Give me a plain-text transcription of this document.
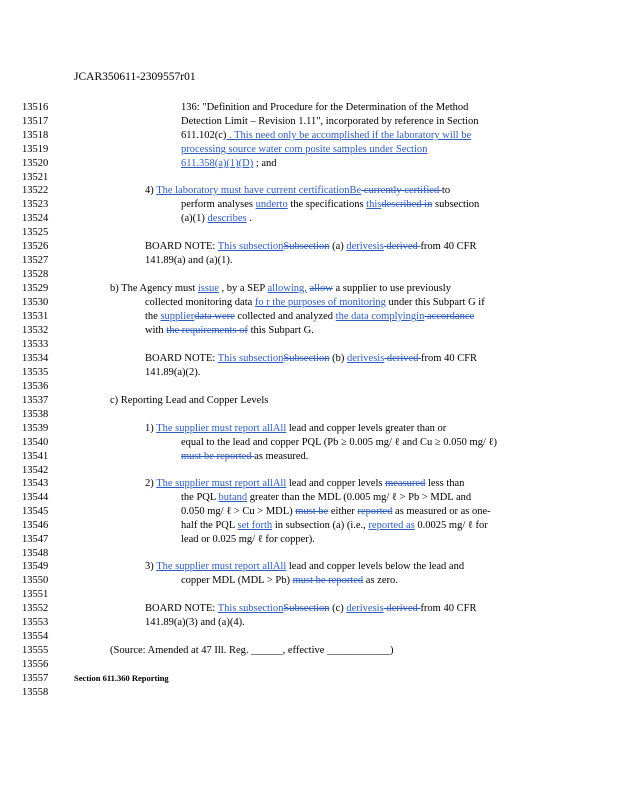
JCAR350611-2309557r01
13516	136: "Definition and Procedure for the Determination of the Method
13517	Detection Limit – Revision 1.11", incorporated by reference in Section
13518	611.102(c) . This need only be accomplished if the laboratory will be
13519	processing source water com posite samples under Section
13520	611.358(a)(1)(D) ; and
13521
13522	4) The laboratory must have current certificationBe currently certified to
13523	perform analyses underto the specifications thisdescribed in subsection
13524	(a)(1) describes .
13525
13526	BOARD NOTE: This subsectionSubsection (a) derivesis derived from 40 CFR
13527	141.89(a) and (a)(1).
13528
13529	b) The Agency must issue , by a SEP allowing, allow a supplier to use previously
13530	collected monitoring data fo r the purposes of monitoring under this Subpart G if
13531	the supplierdata were collected and analyzed the data complyingin accordance
13532	with the requirements of this Subpart G.
13533
13534	BOARD NOTE: This subsectionSubsection (b) derivesis derived from 40 CFR
13535	141.89(a)(2).
13536
13537	c) Reporting Lead and Copper Levels
13538
13539	1) The supplier must report allAll lead and copper levels greater than or
13540	equal to the lead and copper PQL (Pb ≥ 0.005 mg/ ℓ and Cu ≥ 0.050 mg/ ℓ)
13541	must be reported as measured.
13542
13543	2) The supplier must report allAll lead and copper levels measured less than
13544	the PQL butand greater than the MDL (0.005 mg/ ℓ > Pb > MDL and
13545	0.050 mg/ ℓ > Cu > MDL) must be either reported as measured or as one-
13546	half the PQL set forth in subsection (a) (i.e., reported as 0.0025 mg/ ℓ for
13547	lead or 0.025 mg/ ℓ for copper).
13548
13549	3) The supplier must report allAll lead and copper levels below the lead and
13550	copper MDL (MDL > Pb) must be reported as zero.
13551
13552	BOARD NOTE: This subsectionSubsection (c) derivesis derived from 40 CFR
13553	141.89(a)(3) and (a)(4).
13554
13555	(Source: Amended at 47 Ill. Reg. ______, effective ____________)
13556
13557	Section 611.360 Reporting
13558
